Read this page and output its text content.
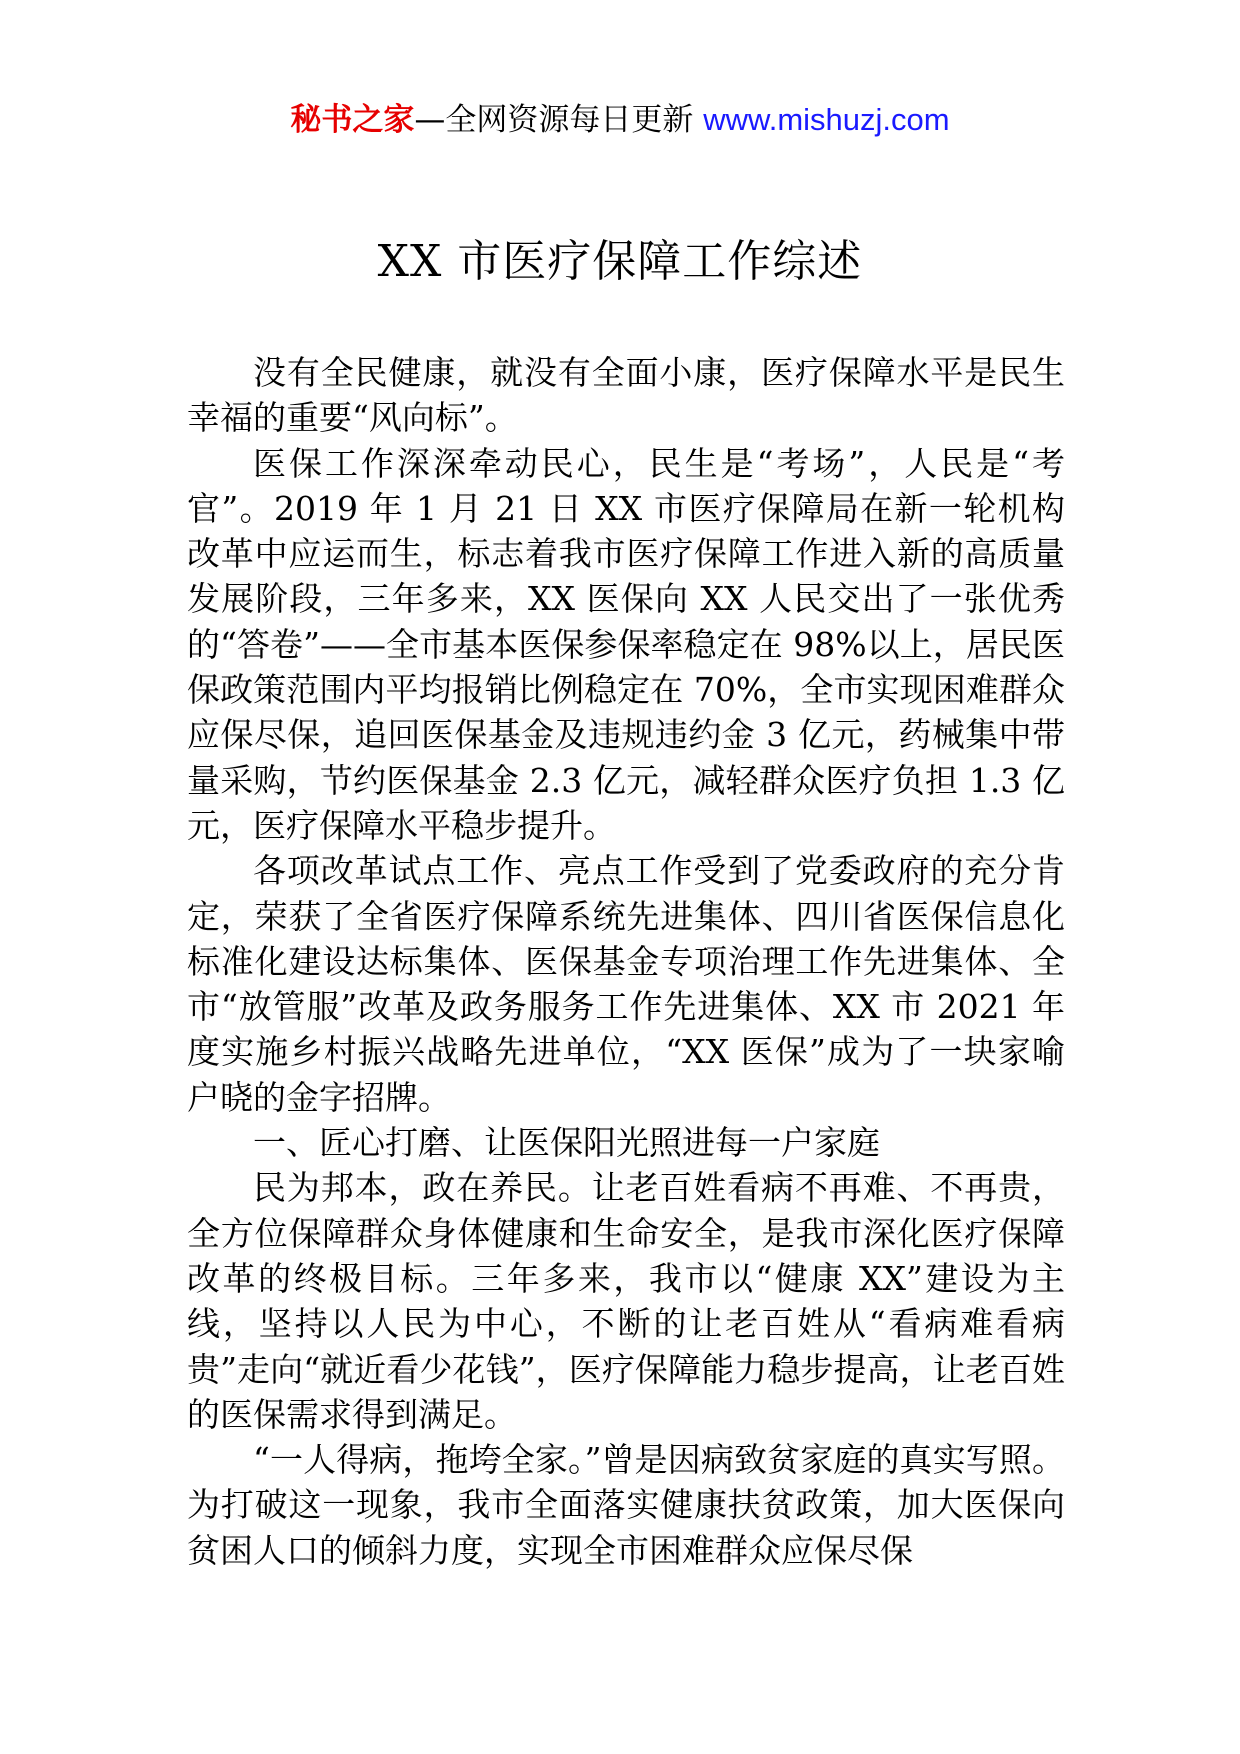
秘书之家—全网资源每日更新 www.mishuzj.com
XX 市医疗保障工作综述

没有全民健康，就没有全面小康，医疗保障水平是民生幸福的重要“风向标”。

医保工作深深牵动民心，民生是“考场”，人民是“考官”。2019 年 1 月 21 日 XX 市医疗保障局在新一轮机构改革中应运而生，标志着我市医疗保障工作进入新的高质量发展阶段，三年多来，XX 医保向 XX 人民交出了一张优秀的“答卷”——全市基本医保参保率稳定在 98%以上，居民医保政策范围内平均报销比例稳定在 70%，全市实现困难群众应保尽保，追回医保基金及违规违约金 3 亿元，药械集中带量采购，节约医保基金 2.3 亿元，减轻群众医疗负担 1.3 亿元，医疗保障水平稳步提升。

各项改革试点工作、亮点工作受到了党委政府的充分肯定，荣获了全省医疗保障系统先进集体、四川省医保信息化标准化建设达标集体、医保基金专项治理工作先进集体、全市“放管服”改革及政务服务工作先进集体、XX 市 2021 年度实施乡村振兴战略先进单位，“XX 医保”成为了一块家喻户晓的金字招牌。

一、匠心打磨、让医保阳光照进每一户家庭

民为邦本，政在养民。让老百姓看病不再难、不再贵，全方位保障群众身体健康和生命安全，是我市深化医疗保障改革的终极目标。三年多来，我市以“健康 XX”建设为主线，坚持以人民为中心，不断的让老百姓从“看病难看病贵”走向“就近看少花钱”，医疗保障能力稳步提高，让老百姓的医保需求得到满足。

“一人得病，拖垮全家。”曾是因病致贫家庭的真实写照。为打破这一现象，我市全面落实健康扶贫政策，加大医保向贫困人口的倾斜力度，实现全市困难群众应保尽保
